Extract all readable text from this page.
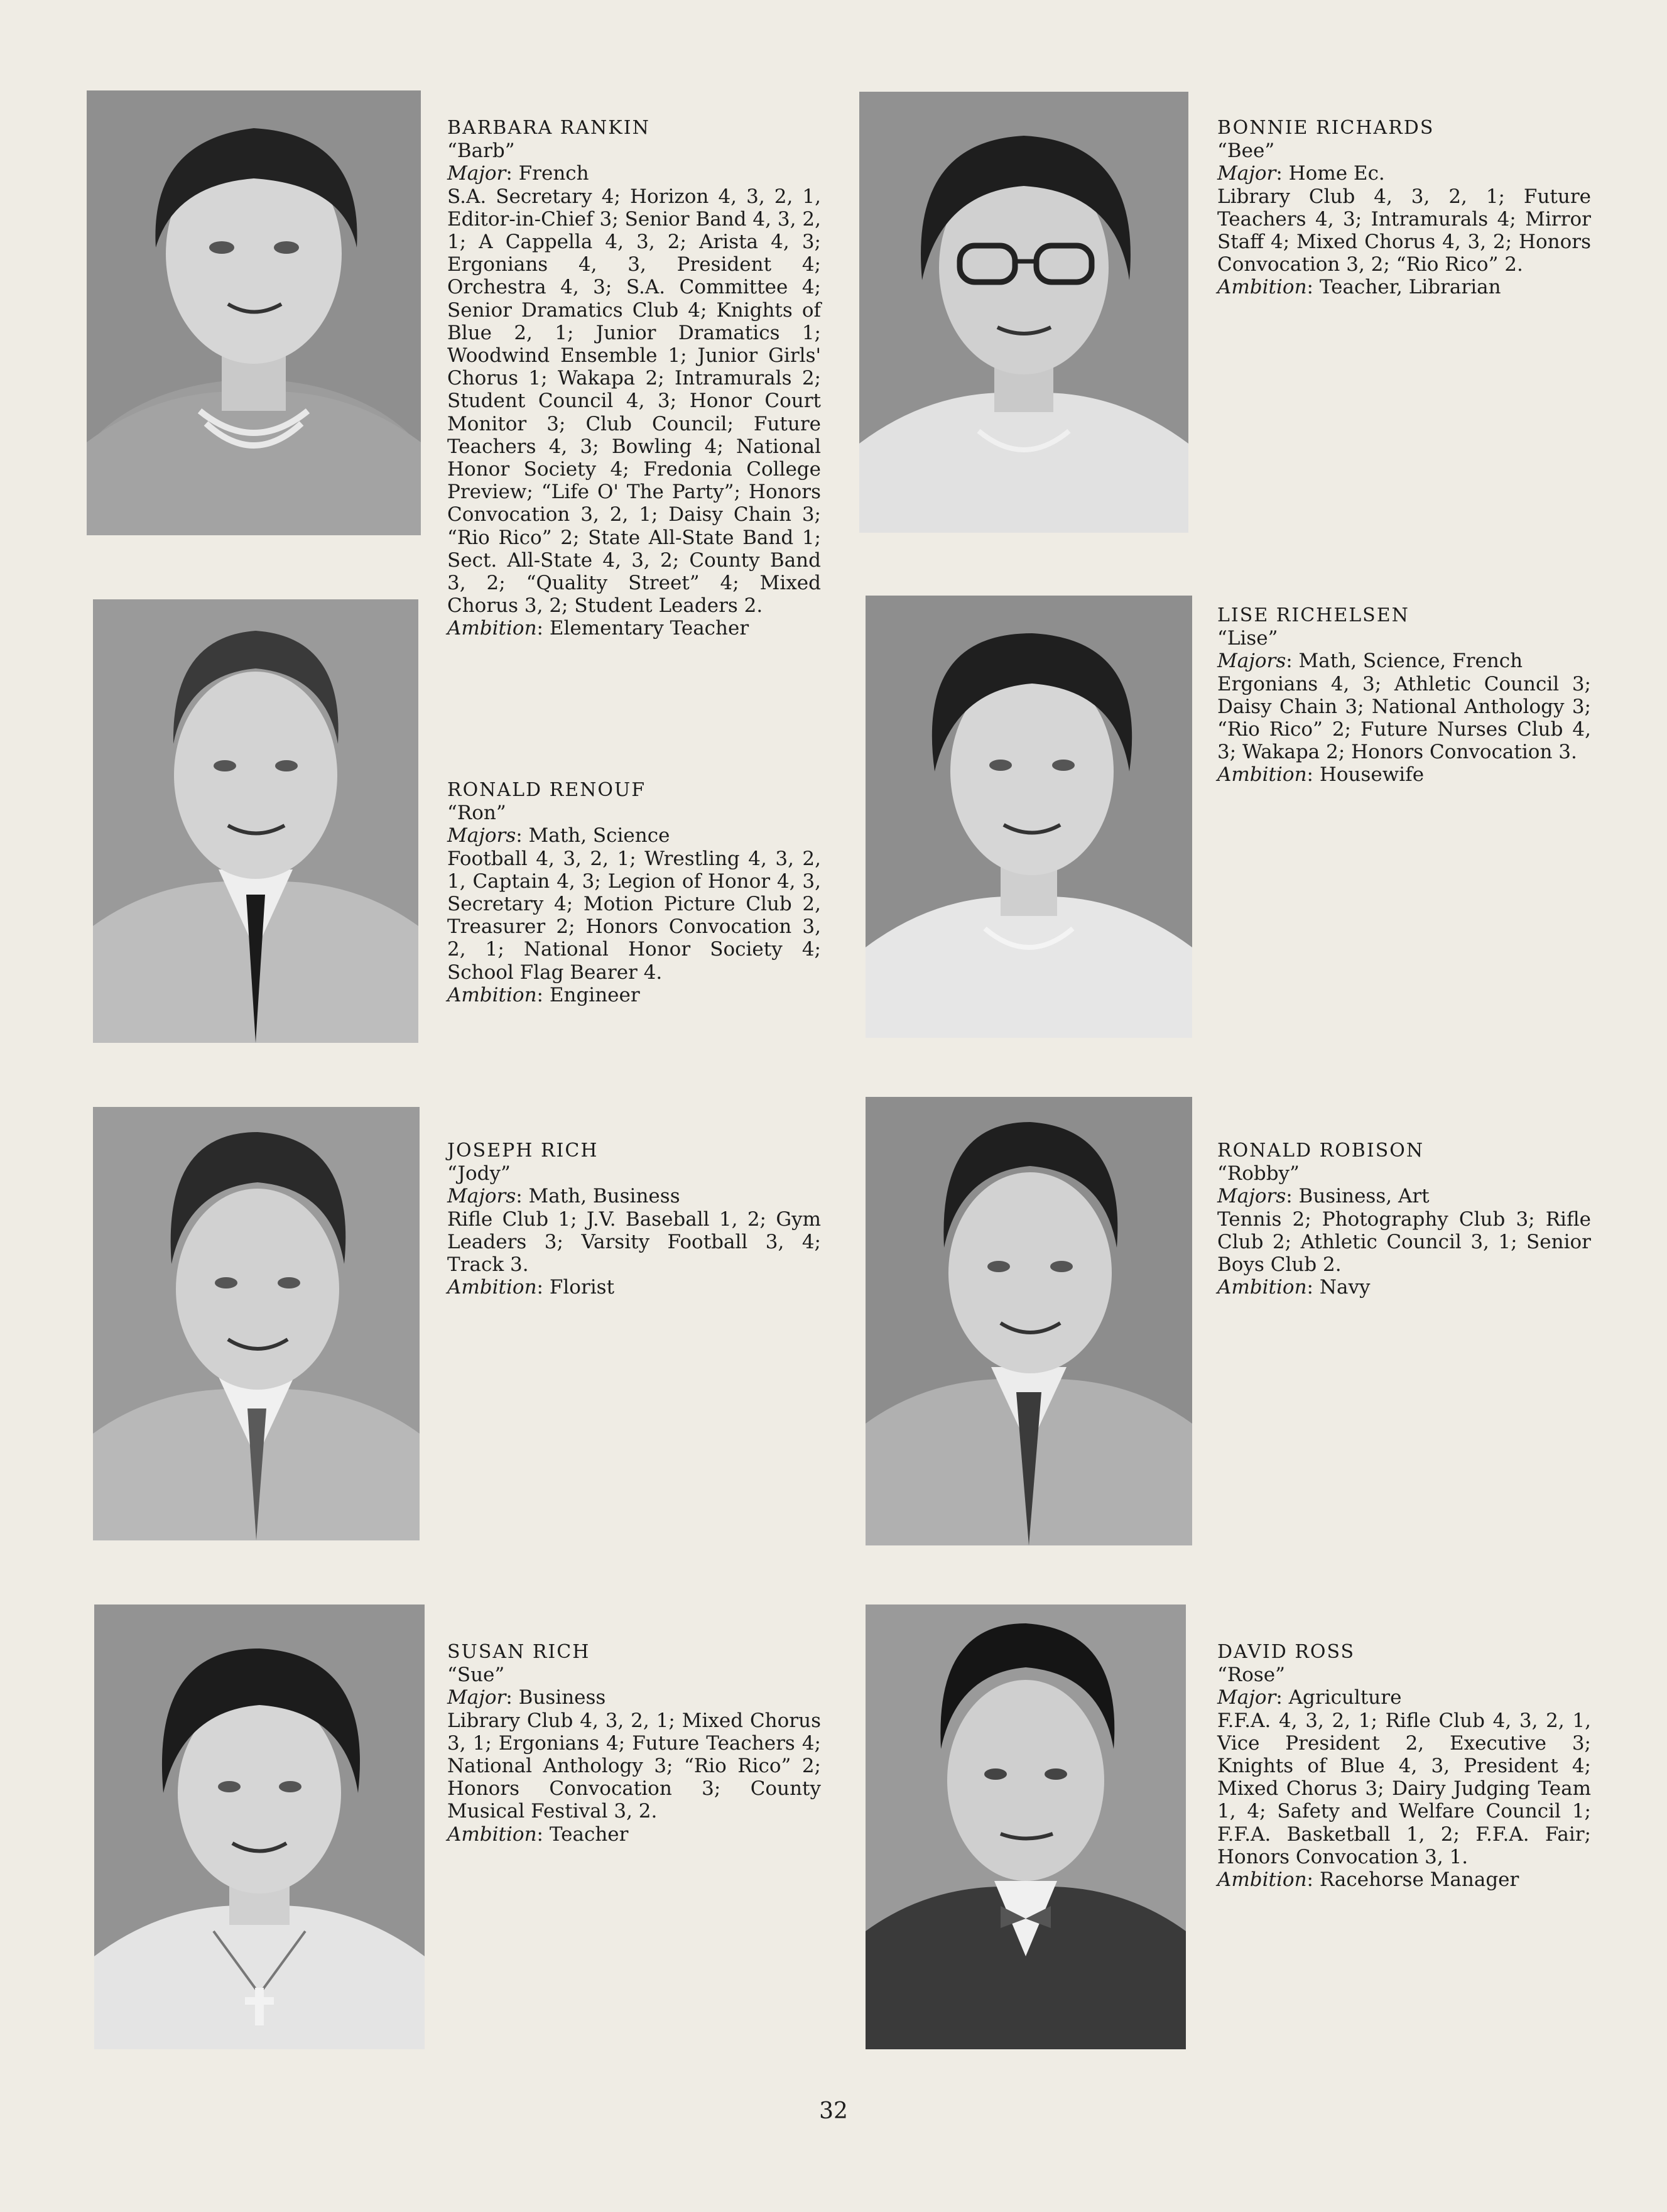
BARBARA RANKIN
“Barb”
Major: French
S.A. Secretary 4; Horizon 4, 3, 2, 1, Editor-in-Chief 3; Senior Band 4, 3, 2, 1; A Cappella 4, 3, 2; Arista 4, 3; Ergonians 4, 3, President 4; Orchestra 4, 3; S.A. Committee 4; Senior Dramatics Club 4; Knights of Blue 2, 1; Junior Dramatics 1; Woodwind Ensemble 1; Junior Girls' Chorus 1; Wakapa 2; Intramurals 2; Student Council 4, 3; Honor Court Monitor 3; Club Council; Future Teachers 4, 3; Bowling 4; National Honor Society 4; Fredonia College Preview; “Life O' The Party”; Honors Convocation 3, 2, 1; Daisy Chain 3; “Rio Rico” 2; State All-State Band 1; Sect. All-State 4, 3, 2; County Band 3, 2; “Quality Street” 4; Mixed Chorus 3, 2; Student Leaders 2.
Ambition: Elementary Teacher
BONNIE RICHARDS
“Bee”
Major: Home Ec.
Library Club 4, 3, 2, 1; Future Teachers 4, 3; Intramurals 4; Mirror Staff 4; Mixed Chorus 4, 3, 2; Honors Convocation 3, 2; “Rio Rico” 2.
Ambition: Teacher, Librarian
RONALD RENOUF
“Ron”
Majors: Math, Science
Football 4, 3, 2, 1; Wrestling 4, 3, 2, 1, Captain 4, 3; Legion of Honor 4, 3, Secretary 4; Motion Picture Club 2, Treasurer 2; Honors Convocation 3, 2, 1; National Honor Society 4; School Flag Bearer 4.
Ambition: Engineer
LISE RICHELSEN
“Lise”
Majors: Math, Science, French
Ergonians 4, 3; Athletic Council 3; Daisy Chain 3; National Anthology 3; “Rio Rico” 2; Future Nurses Club 4, 3; Wakapa 2; Honors Convocation 3.
Ambition: Housewife
JOSEPH RICH
“Jody”
Majors: Math, Business
Rifle Club 1; J.V. Baseball 1, 2; Gym Leaders 3; Varsity Football 3, 4; Track 3.
Ambition: Florist
RONALD ROBISON
“Robby”
Majors: Business, Art
Tennis 2; Photography Club 3; Rifle Club 2; Athletic Council 3, 1; Senior Boys Club 2.
Ambition: Navy
SUSAN RICH
“Sue”
Major: Business
Library Club 4, 3, 2, 1; Mixed Chorus 3, 1; Ergonians 4; Future Teachers 4; National Anthology 3; “Rio Rico” 2; Honors Convocation 3; County Musical Festival 3, 2.
Ambition: Teacher
DAVID ROSS
“Rose”
Major: Agriculture
F.F.A. 4, 3, 2, 1; Rifle Club 4, 3, 2, 1, Vice President 2, Executive 3; Knights of Blue 4, 3, President 4; Mixed Chorus 3; Dairy Judging Team 1, 4; Safety and Welfare Council 1; F.F.A. Basketball 1, 2; F.F.A. Fair; Honors Convocation 3, 1.
Ambition: Racehorse Manager
32
